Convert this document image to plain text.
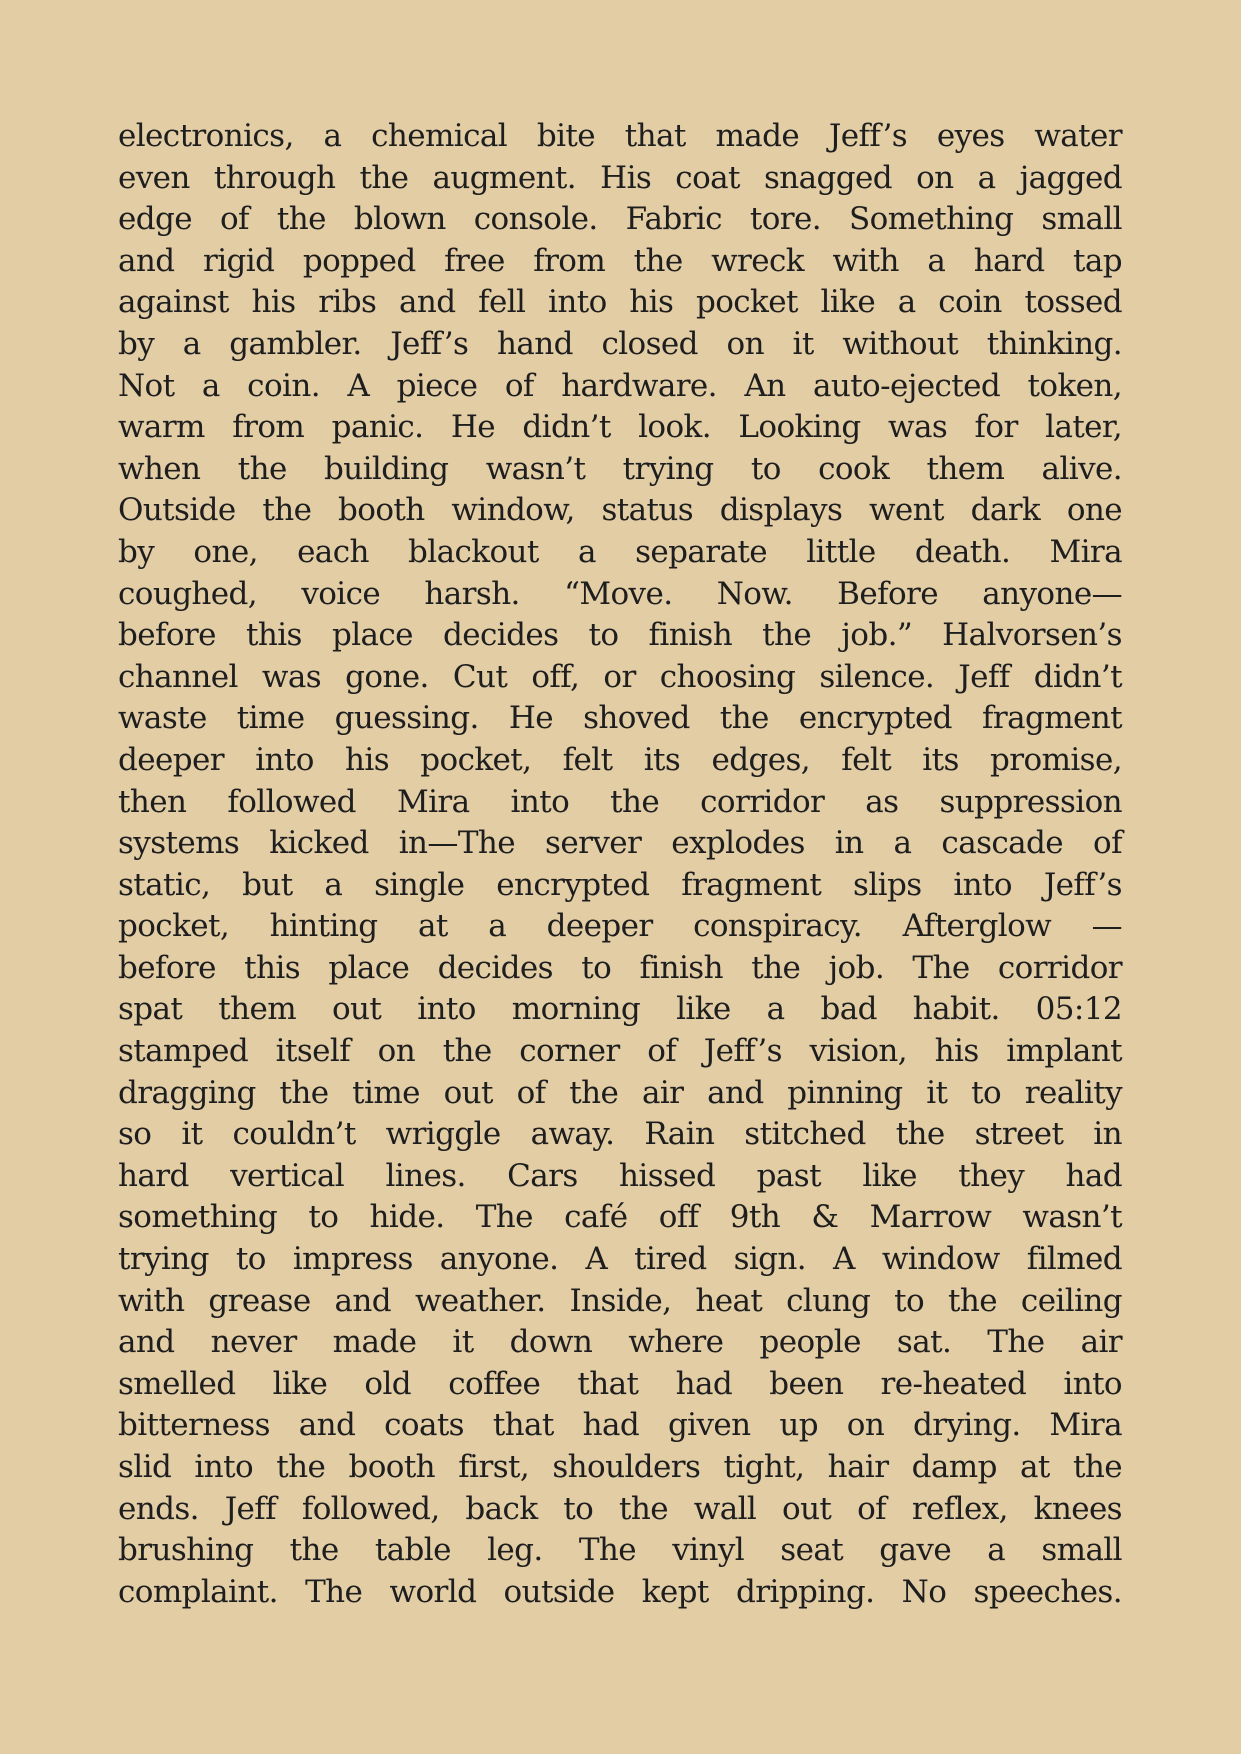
electronics, a chemical bite that made Jeff’s eyes water
even through the augment. His coat snagged on a jagged
edge of the blown console. Fabric tore. Something small
and rigid popped free from the wreck with a hard tap
against his ribs and fell into his pocket like a coin tossed
by a gambler. Jeff’s hand closed on it without thinking.
Not a coin. A piece of hardware. An auto-ejected token,
warm from panic. He didn’t look. Looking was for later,
when the building wasn’t trying to cook them alive.
Outside the booth window, status displays went dark one
by one, each blackout a separate little death. Mira
coughed, voice harsh. “Move. Now. Before anyone—
before this place decides to finish the job.” Halvorsen’s
channel was gone. Cut off, or choosing silence. Jeff didn’t
waste time guessing. He shoved the encrypted fragment
deeper into his pocket, felt its edges, felt its promise,
then followed Mira into the corridor as suppression
systems kicked in—The server explodes in a cascade of
static, but a single encrypted fragment slips into Jeff’s
pocket, hinting at a deeper conspiracy. Afterglow —
before this place decides to finish the job. The corridor
spat them out into morning like a bad habit. 05:12
stamped itself on the corner of Jeff’s vision, his implant
dragging the time out of the air and pinning it to reality
so it couldn’t wriggle away. Rain stitched the street in
hard vertical lines. Cars hissed past like they had
something to hide. The café off 9th & Marrow wasn’t
trying to impress anyone. A tired sign. A window filmed
with grease and weather. Inside, heat clung to the ceiling
and never made it down where people sat. The air
smelled like old coffee that had been re-heated into
bitterness and coats that had given up on drying. Mira
slid into the booth first, shoulders tight, hair damp at the
ends. Jeff followed, back to the wall out of reflex, knees
brushing the table leg. The vinyl seat gave a small
complaint. The world outside kept dripping. No speeches.
